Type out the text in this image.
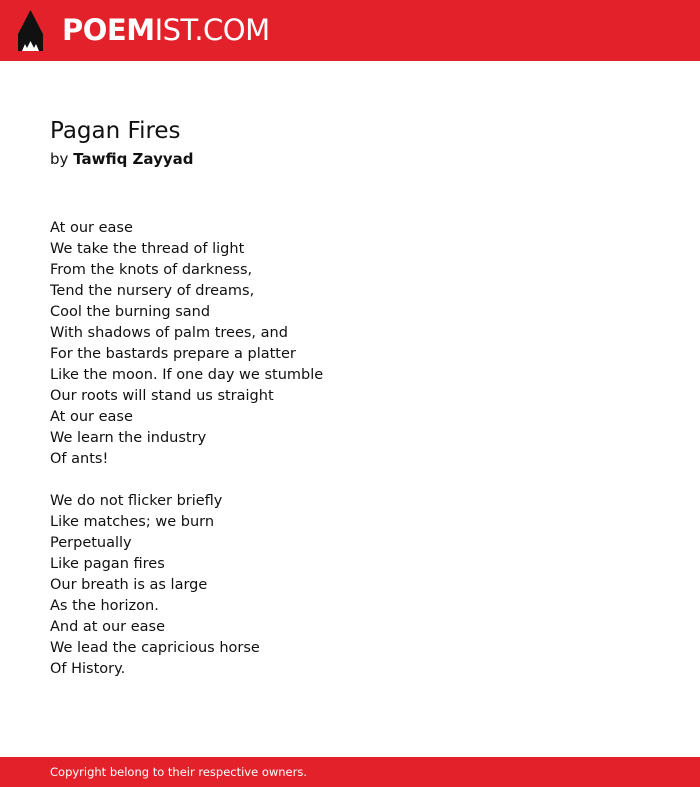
POEMIST.COM
Pagan Fires
by Tawfiq Zayyad
At our ease
We take the thread of light
From the knots of darkness,
Tend the nursery of dreams,
Cool the burning sand
With shadows of palm trees, and
For the bastards prepare a platter
Like the moon. If one day we stumble
Our roots will stand us straight
At our ease
We learn the industry
Of ants!
We do not flicker briefly
Like matches; we burn
Perpetually
Like pagan fires
Our breath is as large
As the horizon.
And at our ease
We lead the capricious horse
Of History.
Copyright belong to their respective owners.
